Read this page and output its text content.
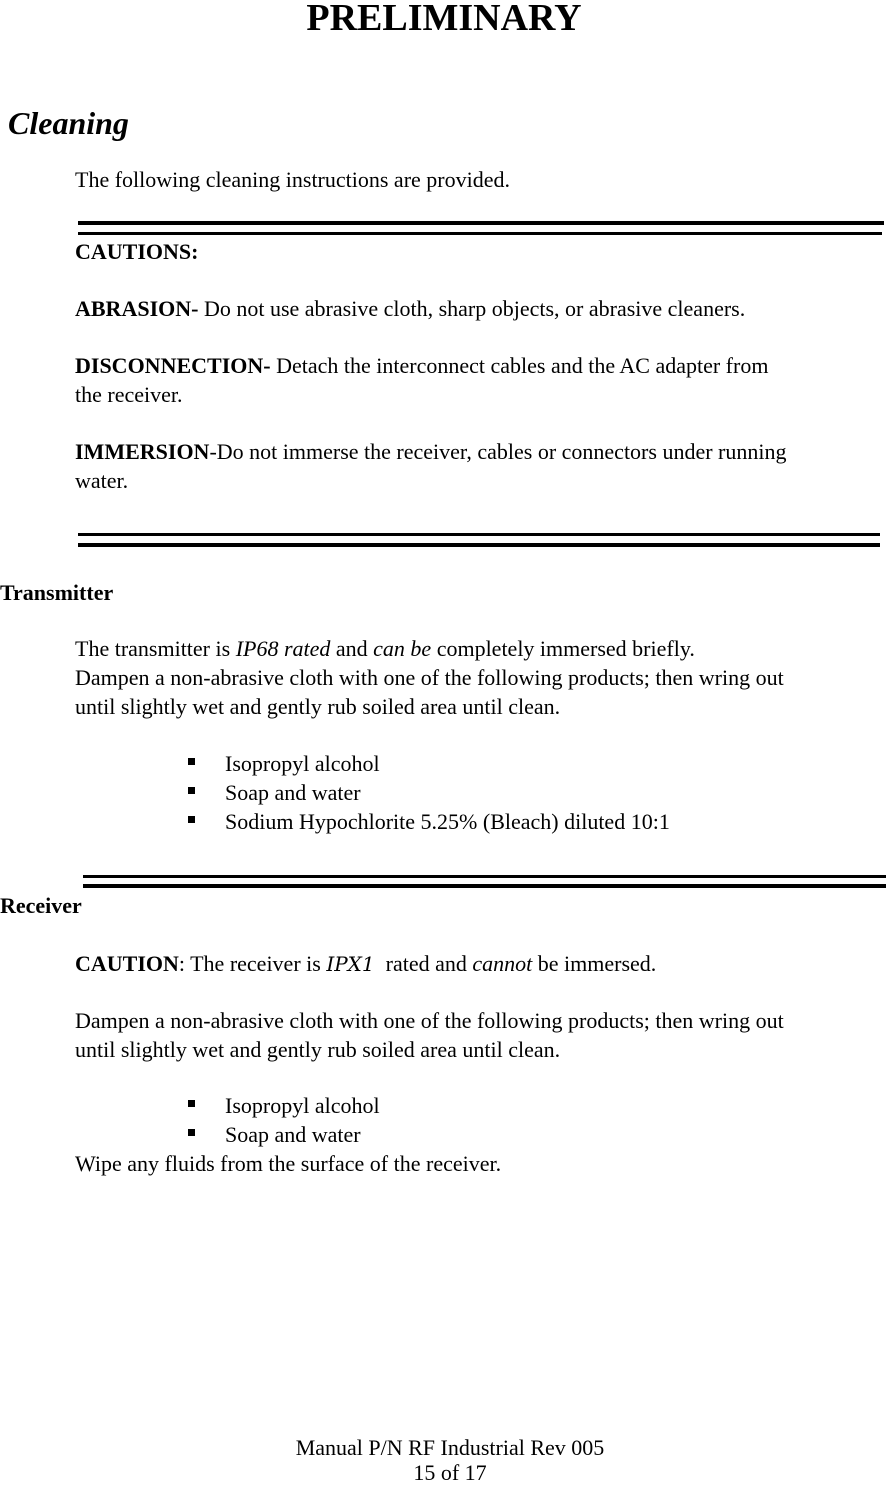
PRELIMINARY
Cleaning
The following cleaning instructions are provided.
CAUTIONS:
ABRASION- Do not use abrasive cloth, sharp objects, or abrasive cleaners.
DISCONNECTION- Detach the interconnect cables and the AC adapter from
the receiver.
IMMERSION-Do not immerse the receiver, cables or connectors under running
water.
Transmitter
The transmitter is IP68 rated and can be completely immersed briefly.
Dampen a non-abrasive cloth with one of the following products; then wring out
until slightly wet and gently rub soiled area until clean.
Isopropyl alcohol
Soap and water
Sodium Hypochlorite 5.25% (Bleach) diluted 10:1
Receiver
CAUTION: The receiver is IPX1  rated and cannot be immersed.
Dampen a non-abrasive cloth with one of the following products; then wring out
until slightly wet and gently rub soiled area until clean.
Isopropyl alcohol
Soap and water
Wipe any fluids from the surface of the receiver.
Manual P/N RF Industrial Rev 005
15 of 17
